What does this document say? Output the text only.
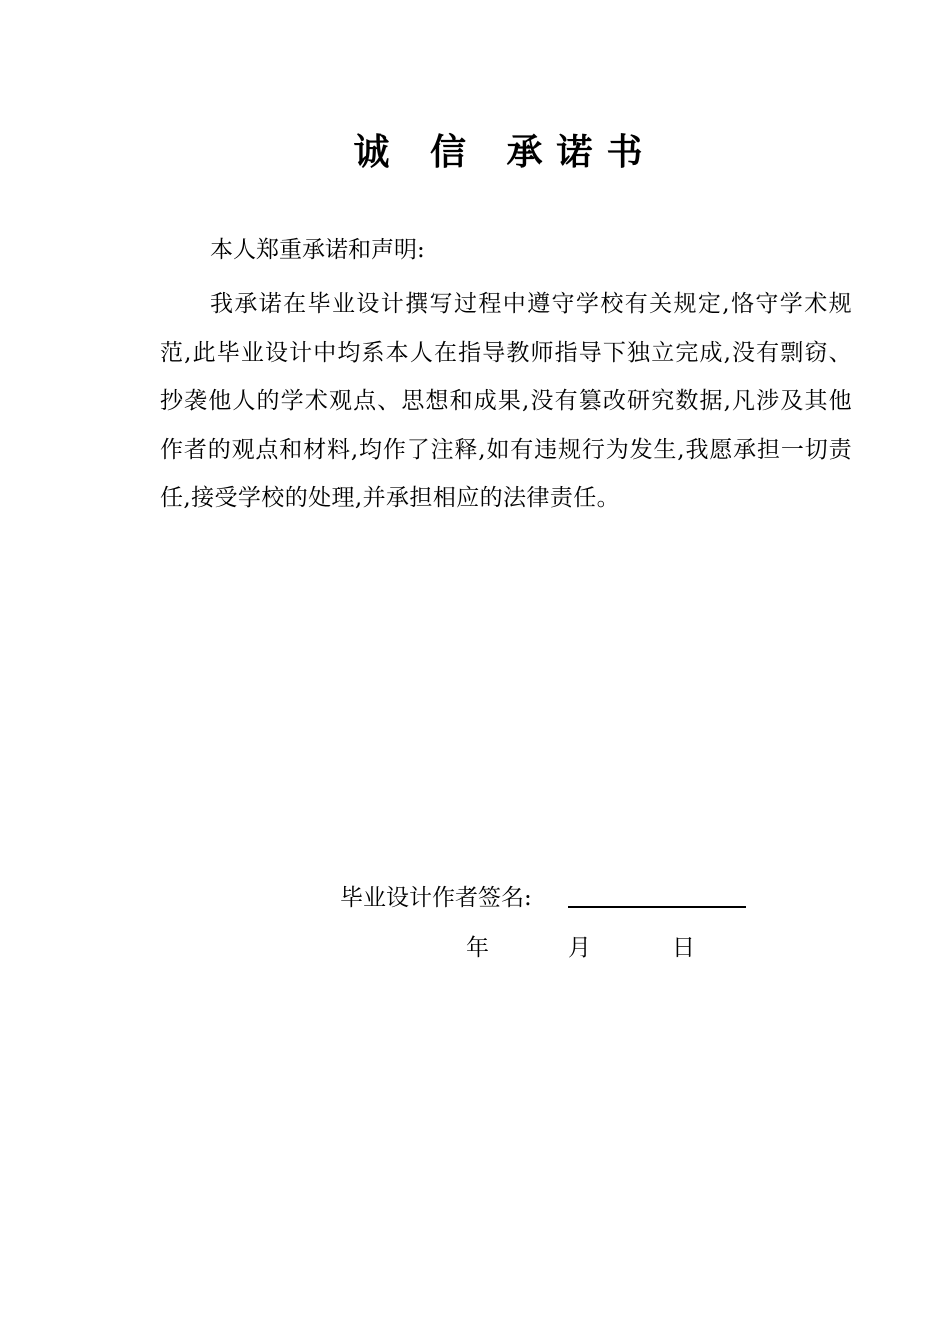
诚 信 承诺书
本人郑重承诺和声明:
我承诺在毕业设计撰写过程中遵守学校有关规定,恪守学术规范,此毕业设计中均系本人在指导教师指导下独立完成,没有剽窃、抄袭他人的学术观点、思想和成果,没有篡改研究数据,凡涉及其他作者的观点和材料,均作了注释,如有违规行为发生,我愿承担一切责任,接受学校的处理,并承担相应的法律责任。
毕业设计作者签名:
年	月	日
